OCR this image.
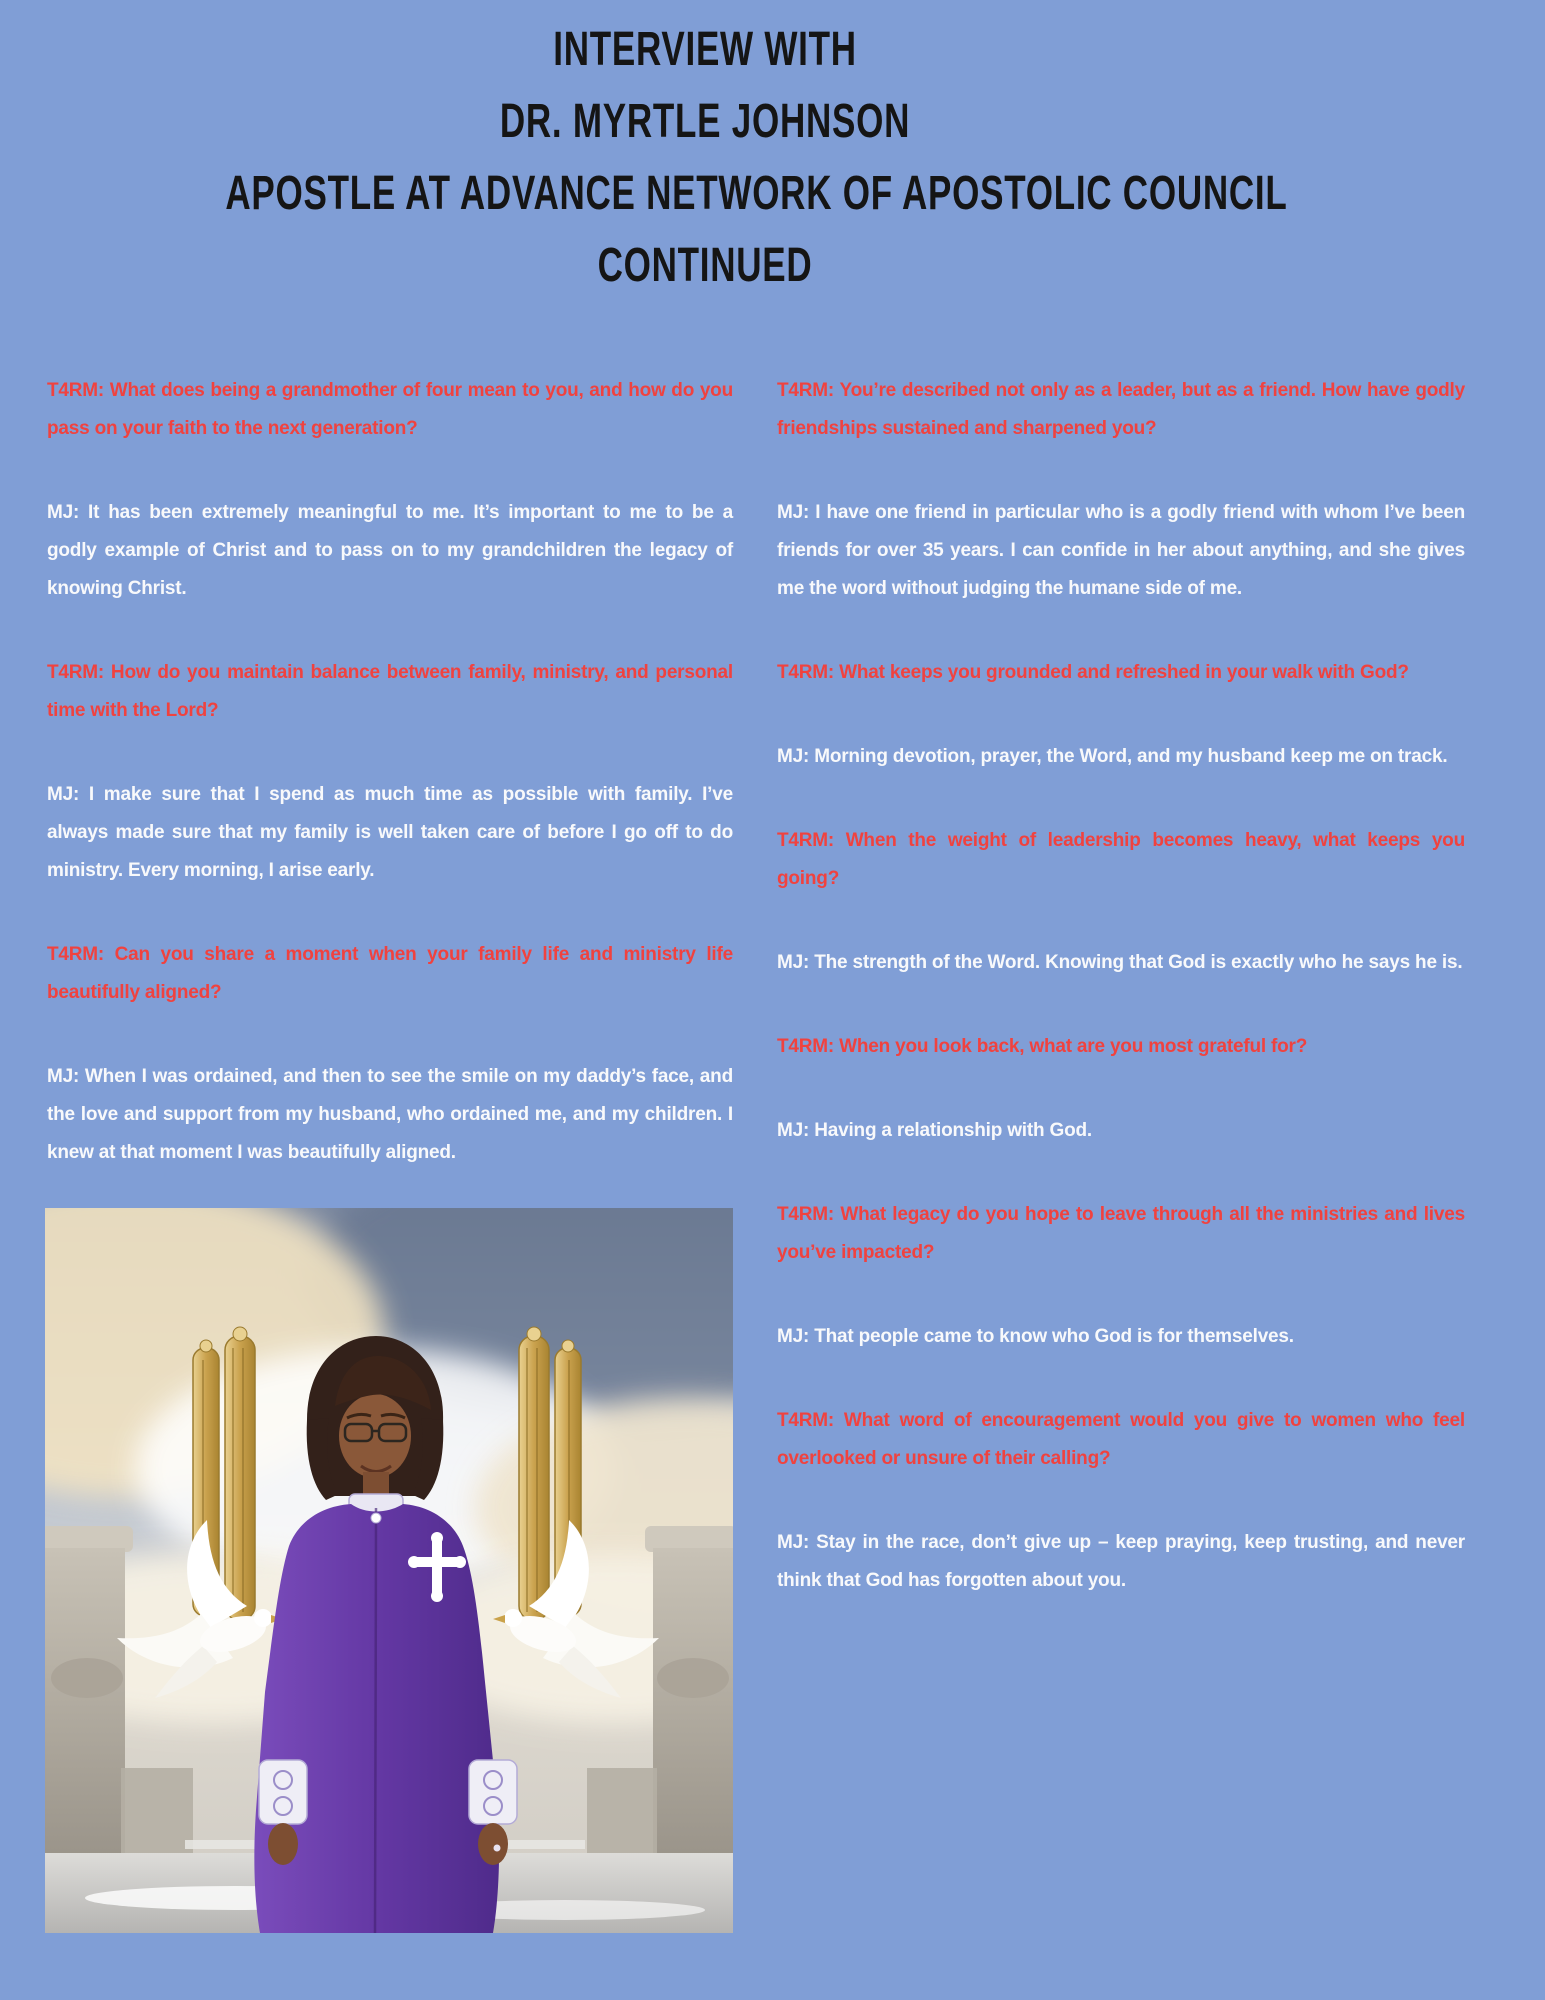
INTERVIEW WITH
DR. MYRTLE JOHNSON
APOSTLE AT ADVANCE NETWORK OF APOSTOLIC COUNCIL
CONTINUED

T4RM: What does being a grandmother of four mean to you, and how do you pass on your faith to the next generation?

MJ: It has been extremely meaningful to me. It’s important to me to be a godly example of Christ and to pass on to my grandchildren the legacy of knowing Christ.

T4RM: How do you maintain balance between family, ministry, and personal time with the Lord?

MJ: I make sure that I spend as much time as possible with family. I’ve always made sure that my family is well taken care of before I go off to do ministry. Every morning, I arise early.

T4RM: Can you share a moment when your family life and ministry life beautifully aligned?

MJ: When I was ordained, and then to see the smile on my daddy’s face, and the love and support from my husband, who ordained me, and my children. I knew at that moment I was beautifully aligned.

T4RM: You’re described not only as a leader, but as a friend. How have godly friendships sustained and sharpened you?

MJ: I have one friend in particular who is a godly friend with whom I’ve been friends for over 35 years. I can confide in her about anything, and she gives me the word without judging the humane side of me.

T4RM: What keeps you grounded and refreshed in your walk with God?

MJ: Morning devotion, prayer, the Word, and my husband keep me on track.

T4RM: When the weight of leadership becomes heavy, what keeps you going?

MJ: The strength of the Word. Knowing that God is exactly who he says he is.

T4RM: When you look back, what are you most grateful for?

MJ: Having a relationship with God.

T4RM: What legacy do you hope to leave through all the ministries and lives you’ve impacted?

MJ: That people came to know who God is for themselves.

T4RM: What word of encouragement would you give to women who feel overlooked or unsure of their calling?

MJ: Stay in the race, don’t give up – keep praying, keep trusting, and never think that God has forgotten about you.
